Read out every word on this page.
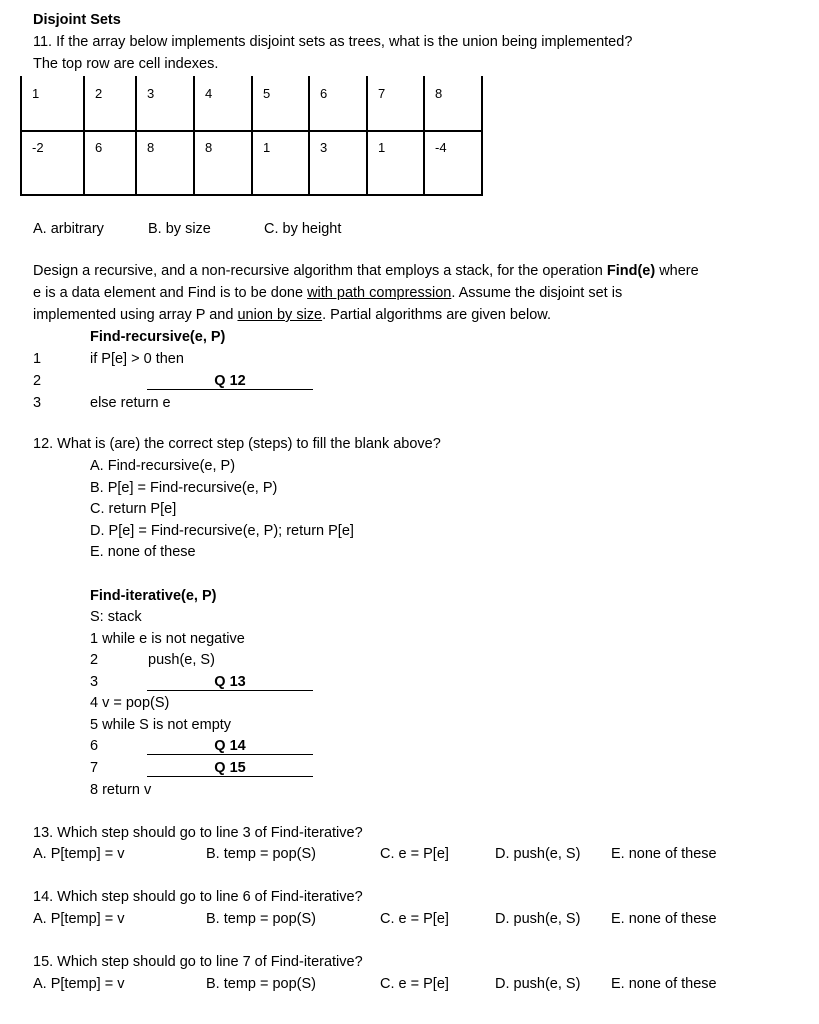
Disjoint Sets
11. If the array below implements disjoint sets as trees, what is the union being implemented?
The top row are cell indexes.
1	2	3	4	5	6	7	8
-2	6	8	8	1	3	1	-4
A. arbitrary	B. by size	C. by height
Design a recursive, and a non-recursive algorithm that employs a stack, for the operation Find(e) where
e is a data element and Find is to be done with path compression. Assume the disjoint set is
implemented using array P and union by size. Partial algorithms are given below.
Find-recursive(e, P)
1	if P[e] > 0 then
2	Q 12
3	else return e
12. What is (are) the correct step (steps) to fill the blank above?
A. Find-recursive(e, P)
B. P[e] = Find-recursive(e, P)
C. return P[e]
D. P[e] = Find-recursive(e, P); return P[e]
E. none of these
Find-iterative(e, P)
S: stack
1 while e is not negative
2	push(e, S)
3	Q 13
4 v = pop(S)
5 while S is not empty
6	Q 14
7	Q 15
8 return v
13. Which step should go to line 3 of Find-iterative?
A. P[temp] = v	B. temp = pop(S)	C. e = P[e]	D. push(e, S) E. none of these
14. Which step should go to line 6 of Find-iterative?
A. P[temp] = v	B. temp = pop(S)	C. e = P[e]	D. push(e, S) E. none of these
15. Which step should go to line 7 of Find-iterative?
A. P[temp] = v	B. temp = pop(S)	C. e = P[e]	D. push(e, S) E. none of these
